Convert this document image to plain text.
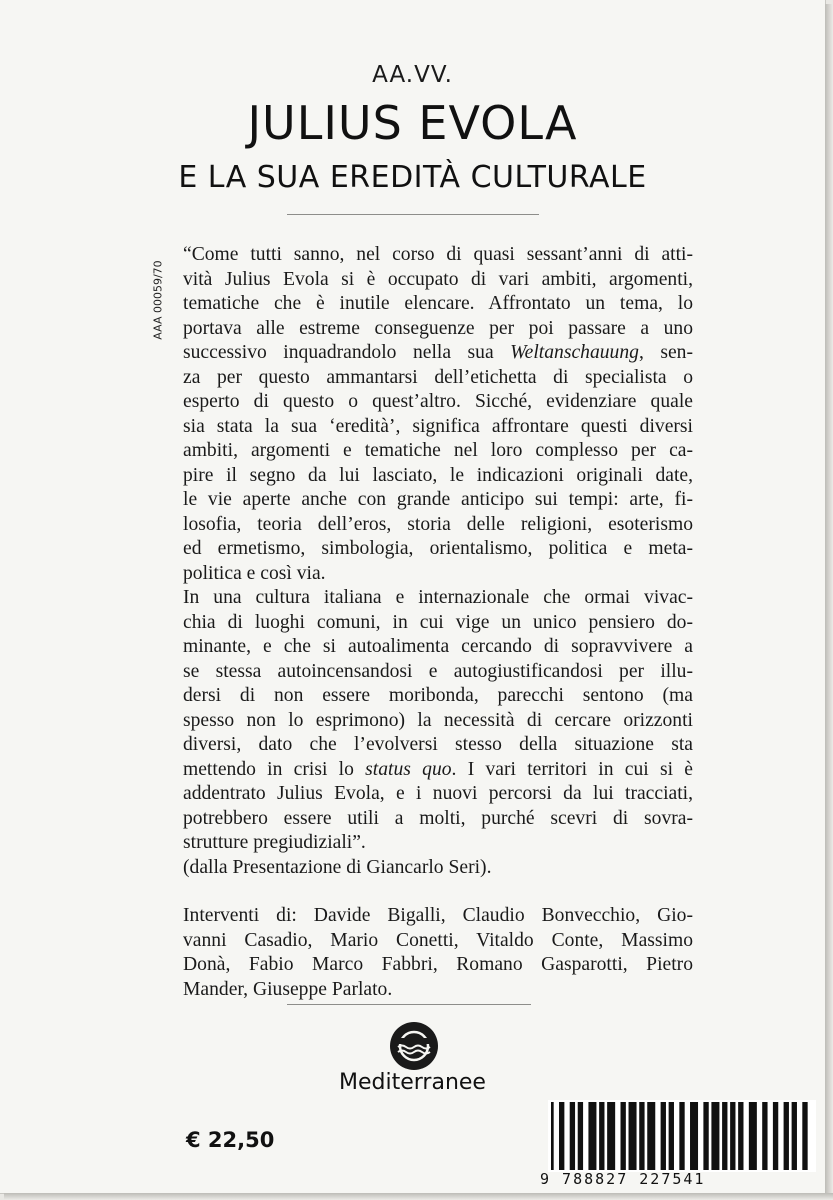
AA.VV.
JULIUS EVOLA
E LA SUA EREDITÀ CULTURALE
AAA 00059/70
“Come tutti sanno, nel corso di quasi sessant’anni di atti-
vità Julius Evola si è occupato di vari ambiti, argomenti,
tematiche che è inutile elencare. Affrontato un tema, lo
portava alle estreme conseguenze per poi passare a uno
successivo inquadrandolo nella sua Weltanschauung, sen-
za per questo ammantarsi dell’etichetta di specialista o
esperto di questo o quest’altro. Sicché, evidenziare quale
sia stata la sua ‘eredità’, significa affrontare questi diversi
ambiti, argomenti e tematiche nel loro complesso per ca-
pire il segno da lui lasciato, le indicazioni originali date,
le vie aperte anche con grande anticipo sui tempi: arte, fi-
losofia, teoria dell’eros, storia delle religioni, esoterismo
ed ermetismo, simbologia, orientalismo, politica e meta-
politica e così via.
In una cultura italiana e internazionale che ormai vivac-
chia di luoghi comuni, in cui vige un unico pensiero do-
minante, e che si autoalimenta cercando di sopravvivere a
se stessa autoincensandosi e autogiustificandosi per illu-
dersi di non essere moribonda, parecchi sentono (ma
spesso non lo esprimono) la necessità di cercare orizzonti
diversi, dato che l’evolversi stesso della situazione sta
mettendo in crisi lo status quo. I vari territori in cui si è
addentrato Julius Evola, e i nuovi percorsi da lui tracciati,
potrebbero essere utili a molti, purché scevri di sovra-
strutture pregiudiziali”.
(dalla Presentazione di Giancarlo Seri).
Interventi di: Davide Bigalli, Claudio Bonvecchio, Gio-
vanni Casadio, Mario Conetti, Vitaldo Conte, Massimo
Donà, Fabio Marco Fabbri, Romano Gasparotti, Pietro
Mander, Giuseppe Parlato.
Mediterranee
€ 22,50
9 788827 227541
